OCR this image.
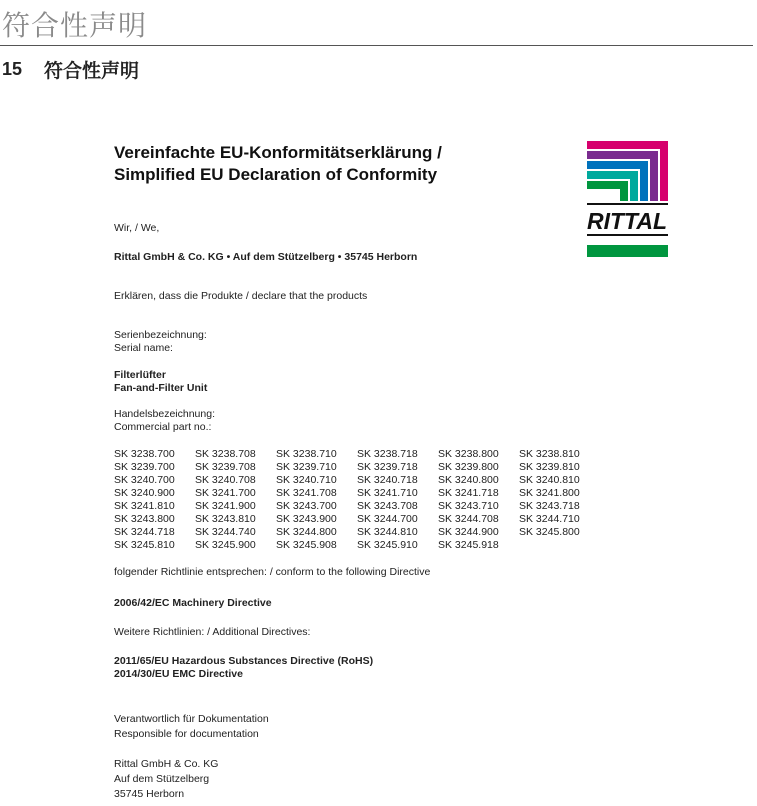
符合性声明
15 符合性声明
Vereinfachte EU-Konformitätserklärung /
Simplified EU Declaration of Conformity
RITTAL
Wir, / We,
Rittal GmbH & Co. KG • Auf dem Stützelberg • 35745 Herborn
Erklären, dass die Produkte / declare that the products
Serienbezeichnung:
Serial name:
Filterlüfter
Fan-and-Filter Unit
Handelsbezeichnung:
Commercial part no.:
SK 3238.700	SK 3238.708	SK 3238.710	SK 3238.718	SK 3238.800	SK 3238.810
SK 3239.700	SK 3239.708	SK 3239.710	SK 3239.718	SK 3239.800	SK 3239.810
SK 3240.700	SK 3240.708	SK 3240.710	SK 3240.718	SK 3240.800	SK 3240.810
SK 3240.900	SK 3241.700	SK 3241.708	SK 3241.710	SK 3241.718	SK 3241.800
SK 3241.810	SK 3241.900	SK 3243.700	SK 3243.708	SK 3243.710	SK 3243.718
SK 3243.800	SK 3243.810	SK 3243.900	SK 3244.700	SK 3244.708	SK 3244.710
SK 3244.718	SK 3244.740	SK 3244.800	SK 3244.810	SK 3244.900	SK 3245.800
SK 3245.810	SK 3245.900	SK 3245.908	SK 3245.910	SK 3245.918
folgender Richtlinie entsprechen: / conform to the following Directive
2006/42/EC Machinery Directive
Weitere Richtlinien: / Additional Directives:
2011/65/EU Hazardous Substances Directive (RoHS)
2014/30/EU EMC Directive
Verantwortlich für Dokumentation
Responsible for documentation
Rittal GmbH & Co. KG
Auf dem Stützelberg
35745 Herborn
